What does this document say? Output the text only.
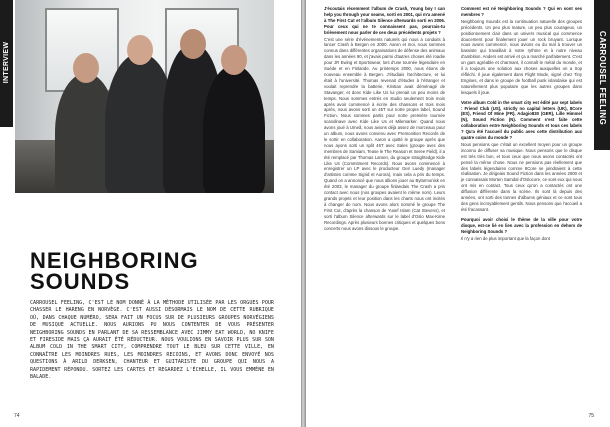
INTERVIEW
NEIGHBORING
SOUNDS

CARROUSEL FEELING, C'EST LE NOM DONNÉ À LA MÉTHODE UTILISÉE PAR LES ORGUES POUR CHASSER LE HARENG EN NORVÈGE. C'EST AUSSI DÉSORMAIS LE NOM DE CETTE RUBRIQUE OÙ, DANS CHAQUE NUMÉRO, SERA FAIT UN FOCUS SUR DE PLUSIEURS GROUPES NORVÉGIENS DE MUSIQUE ACTUELLE. NOUS AURIONS PU NOUS CONTENTER DE VOUS PRÉSENTER NEIGHBORING SOUNDS EN PARLANT DE SA RESSEMBLANCE AVEC JIMMY EAT WORLD, NO KNIFE ET FIRESIDE MAIS ÇA AURAIT ÉTÉ RÉDUCTEUR. NOUS VOULIONS EN SAVOIR PLUS SUR SON ALBUM COLD IN THE SMART CITY, COMPRENDRE TOUT LE BLEU SUR CETTE VILLE, EN CONNAÎTRE LES MOINDRES RUES, LES MOINDRES RECOINS, ET AVONS DONC ENVOYÉ NOS QUESTIONS À ARILD DERKSEN, CHANTEUR ET GUITARISTE DU GROUPE QUI NOUS A RAPIDEMENT RÉPONDU. SORTEZ LES CARTES ET REGARDEZ L'ÉCHELLE, IL VOUS EMMÈNE EN BALADE.

74

J'écoutais récemment l'album de Crash, Young boy I can help you through your seams, sorti en 2001, qui m'a amené à The First Cut et l'album Silence afterwards sorti en 2006. Pour ceux qui ne te connaissent pas, pourrais-tu brièvement nous parler de ces deux précédents projets ?

C'est une série d'événements naturels qui nous a conduits à lancer Crash à Bergen en 2000. Aaron et moi, nous sommes connus dans différentes organisations de défense des animaux dans les années 90, et j'avais parmi d'autres choses été roadie pour JR Ewing et Sportswear, lors d'une tournée légendaire en Suède et en Finlande. Au printemps 2000, nous étions de nouveau ensemble à Bergen. J'étudiais l'architecture, et lui était à l'université. Thomas revenait d'études à l'étranger et voulait reprendre la batterie, Kristian avait déménagé de Stavanger, et donc Kide Like Us lui prenait un peu moins de temps. Nous sommes entrés en studio seulement trois mois après avoir commencé à écrire des chansons et trois mois après, nous avons sorti un 45T sur notre propre label, Sound Fiction. Nous sommes partis pour notre première tournée scandinave avec Kide Like Us et Milemarker. Quand nous avons joué à Umeå, nous avions déjà assez de morceaux pour un album, nous avons convenu avec Premonition Records de le sortir en collaboration. Aaron a quitté le groupe après que nous ayons sorti un split 45T avec Sales (groupe avec des membres de Samiam, Tease le The Reason et Seree Field), il a été remplacé par Thomas Larsen, du groupe straightedge Kide Like Us (Commitment Records). Nous avons commencé à enregistrer un LP avec le producteur Geir Luedy (manager d'artistes comme Sigrid et Aurora), mais cela a pris du temps. Quand on a annoncé que nous allions jouer au Bylarmonisk en été 2003, le manager du groupe finlandais The Crash a pris contact avec nous (nos groupes avaient le même nom). Leurs grands projets et leur position dans les charts nous ont incités à changer de nom. Nous avons alors nommé le groupe The First Cut, d'après la chanson de Yusef Islam (Cat Stevens), et sorti l'album Silence afterwards sur le label d'Oslo Max-Kime Recordings. Après plusieurs bonnes critiques et quelques bons concerts nous avons dissous le groupe.

Comment est né Neighboring Sounds ? Qui en sont ses membres ?

Neighboring Sounds est la continuation naturelle des groupes précédents. Un peu plus mature, un peu plus courageux, un positionnement clair dans un univers musical qui commence doucement pour finalement jouer un rock bruyant. Lorsque nous avons commencé, nous avions eu du mal à trouver un bassiste qui travaillait à notre rythme et à notre niveau d'ambition. Anders est arrivé et ça a marché parfaitement. C'est un gars agréable et charmant, il connaît le métal du monde, et il a toujours une solution aux choses auxquelles on a trop réfléchi. Il joue également dans Flight Mode, signé chez Tiny Engines, et dans le groupe de football punk islandaise qui est naturellement plus populaire que les autres groupes dans lesquels il joue.

Votre album Cold in the smart city est édité par sept labels : Friend Club (US), strictly no capital letters (UK), 8Core (ES), Friend Of Mine (FR), Adagio830 (GER), Lille Himmel (N), Sound Fiction (N). Comment s'est faite cette collaboration entre Neighboring Sounds et tous ces labels ? Qu'a été l'accueil du public avec cette distribution aux quatre coins du monde ?

Nous pensions que c'était un excellent moyen pour un groupe inconnu de diffuser sa musique. Nous pensons que le disque est très très bon, et tous ceux que nous avons contactés ont pensé la même chose. Nous ne pensions pas réellement que des labels légendaires comme 8Core se joindraient à cette réalisation. Je dirigeais Sound Fiction dans les années 2000 et je connaissais Morten Samdal d'Oslocore, ce sont eux qui nous ont mis en contact. Tous ceux qu'on a contactés ont une diffusion différente dans la scène. Ils sont là depuis des années, ont sorti des tonnes d'albums géniaux et ce sont tous des gens incroyablement gentils. Nous pensons que l'accueil a été fracassant.

Pourquoi avoir choisi le thème de la ville pour votre disque, est-ce lié en lien avec la profession en dehors de Neighboring Sounds ?

Il n'y a rien de plus important que la façon dont

CARROUSEL FEELING
75
